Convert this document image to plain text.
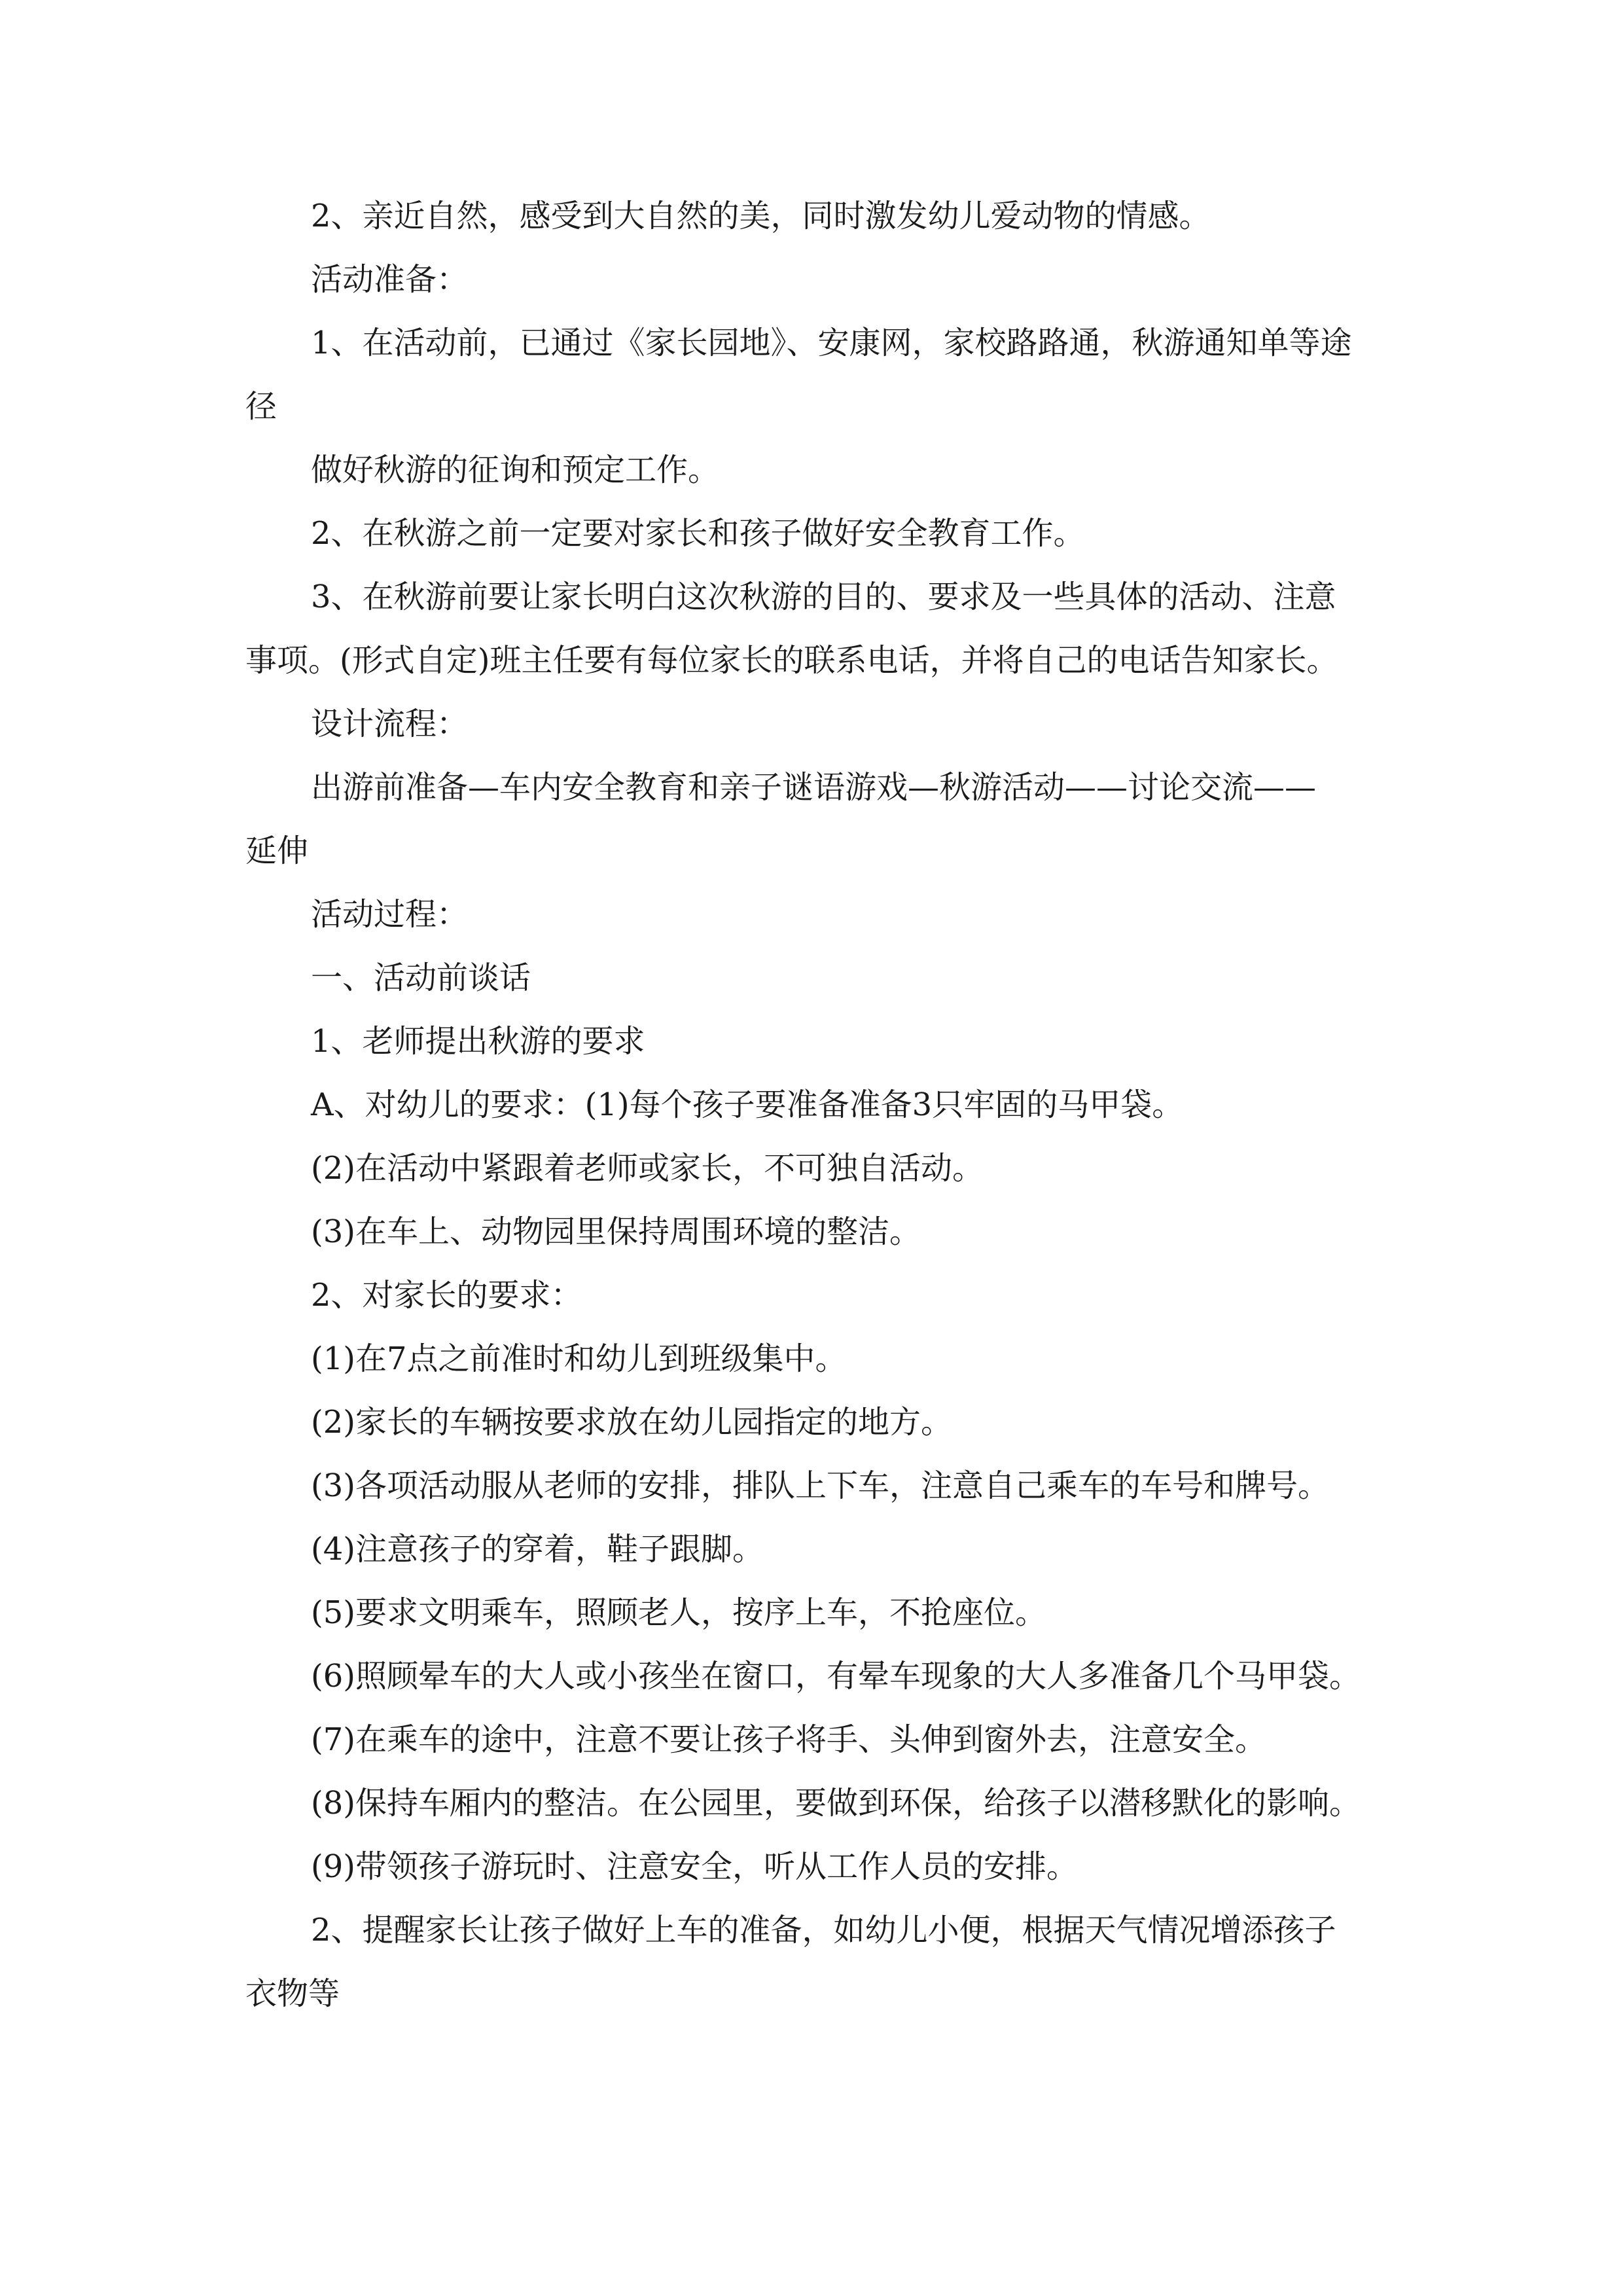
2、亲近自然，感受到大自然的美，同时激发幼儿爱动物的情感。
活动准备：
1、在活动前，已通过《家长园地》、安康网，家校路路通，秋游通知单等途
径
做好秋游的征询和预定工作。
2、在秋游之前一定要对家长和孩子做好安全教育工作。
3、在秋游前要让家长明白这次秋游的目的、要求及一些具体的活动、注意
事项。(形式自定)班主任要有每位家长的联系电话，并将自己的电话告知家长。
设计流程：
出游前准备—车内安全教育和亲子谜语游戏—秋游活动——讨论交流——
延伸
活动过程：
一、活动前谈话
1、老师提出秋游的要求
A、对幼儿的要求：(1)每个孩子要准备准备3只牢固的马甲袋。
(2)在活动中紧跟着老师或家长，不可独自活动。
(3)在车上、动物园里保持周围环境的整洁。
2、对家长的要求：
(1)在7点之前准时和幼儿到班级集中。
(2)家长的车辆按要求放在幼儿园指定的地方。
(3)各项活动服从老师的安排，排队上下车，注意自己乘车的车号和牌号。
(4)注意孩子的穿着，鞋子跟脚。
(5)要求文明乘车，照顾老人，按序上车，不抢座位。
(6)照顾晕车的大人或小孩坐在窗口，有晕车现象的大人多准备几个马甲袋。
(7)在乘车的途中，注意不要让孩子将手、头伸到窗外去，注意安全。
(8)保持车厢内的整洁。在公园里，要做到环保，给孩子以潜移默化的影响。
(9)带领孩子游玩时、注意安全，听从工作人员的安排。
2、提醒家长让孩子做好上车的准备，如幼儿小便，根据天气情况增添孩子
衣物等
